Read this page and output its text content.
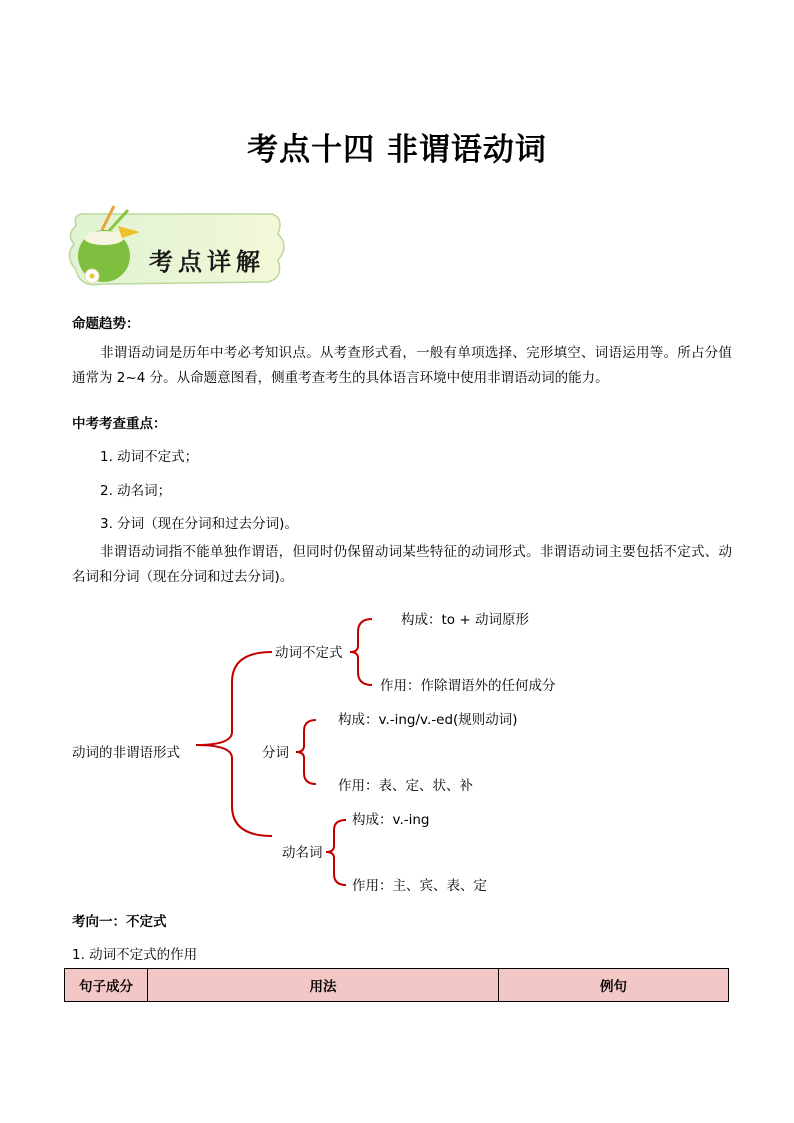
考点十四 非谓语动词
考点详解
命题趋势：
非谓语动词是历年中考必考知识点。从考查形式看，一般有单项选择、完形填空、词语运用等。所占分值通常为 2~4 分。从命题意图看，侧重考查考生的具体语言环境中使用非谓语动词的能力。
中考考查重点：
1. 动词不定式；
2. 动名词；
3. 分词（现在分词和过去分词)。
非谓语动词指不能单独作谓语，但同时仍保留动词某些特征的动词形式。非谓语动词主要包括不定式、动名词和分词（现在分词和过去分词)。
动词的非谓语形式
动词不定式
构成：to + 动词原形
作用：作除谓语外的任何成分
分词
构成：v.-ing/v.-ed(规则动词)
作用：表、定、状、补
动名词
构成：v.-ing
作用：主、宾、表、定
考向一：不定式
1. 动词不定式的作用
句子成分	用法	例句
